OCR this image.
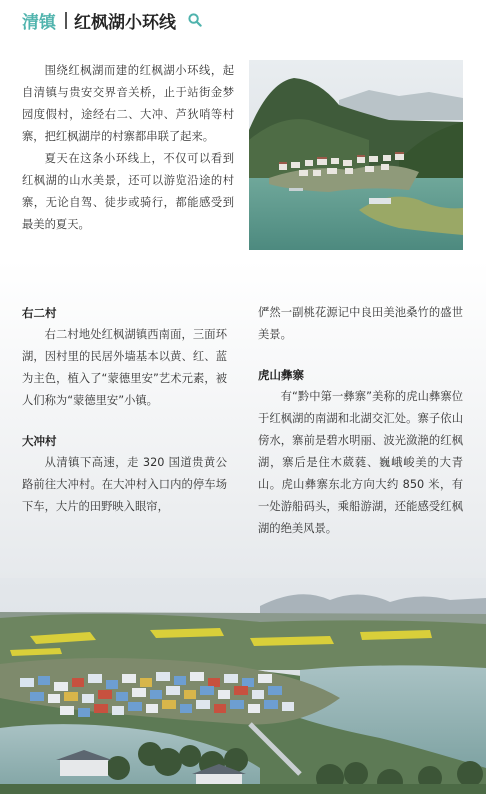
清镇 红枫湖小环线

围绕红枫湖而建的红枫湖小环线，起自清镇与贵安交界音关桥，止于站街金梦园度假村，途经右二、大冲、芦狄哨等村寨，把红枫湖岸的村寨都串联了起来。

夏天在这条小环线上，不仅可以看到红枫湖的山水美景，还可以游览沿途的村寨，无论自驾、徒步或骑行，都能感受到最美的夏天。

右二村

右二村地处红枫湖镇西南面，三面环湖，因村里的民居外墙基本以黄、红、蓝为主色，植入了“蒙德里安”艺术元素，被人们称为“蒙德里安”小镇。

大冲村

从清镇下高速，走 320 国道贵黄公路前往大冲村。在大冲村入口内的停车场下车，大片的田野映入眼帘，

俨然一副桃花源记中良田美池桑竹的盛世美景。

虎山彝寨

有“黔中第一彝寨”美称的虎山彝寨位于红枫湖的南湖和北湖交汇处。寨子依山傍水，寨前是碧水明丽、波光潋滟的红枫湖，寨后是住木葳蕤、巍峨峻美的大青山。虎山彝寨东北方向大约 850 米，有一处游船码头，乘船游湖，还能感受红枫湖的绝美风景。
